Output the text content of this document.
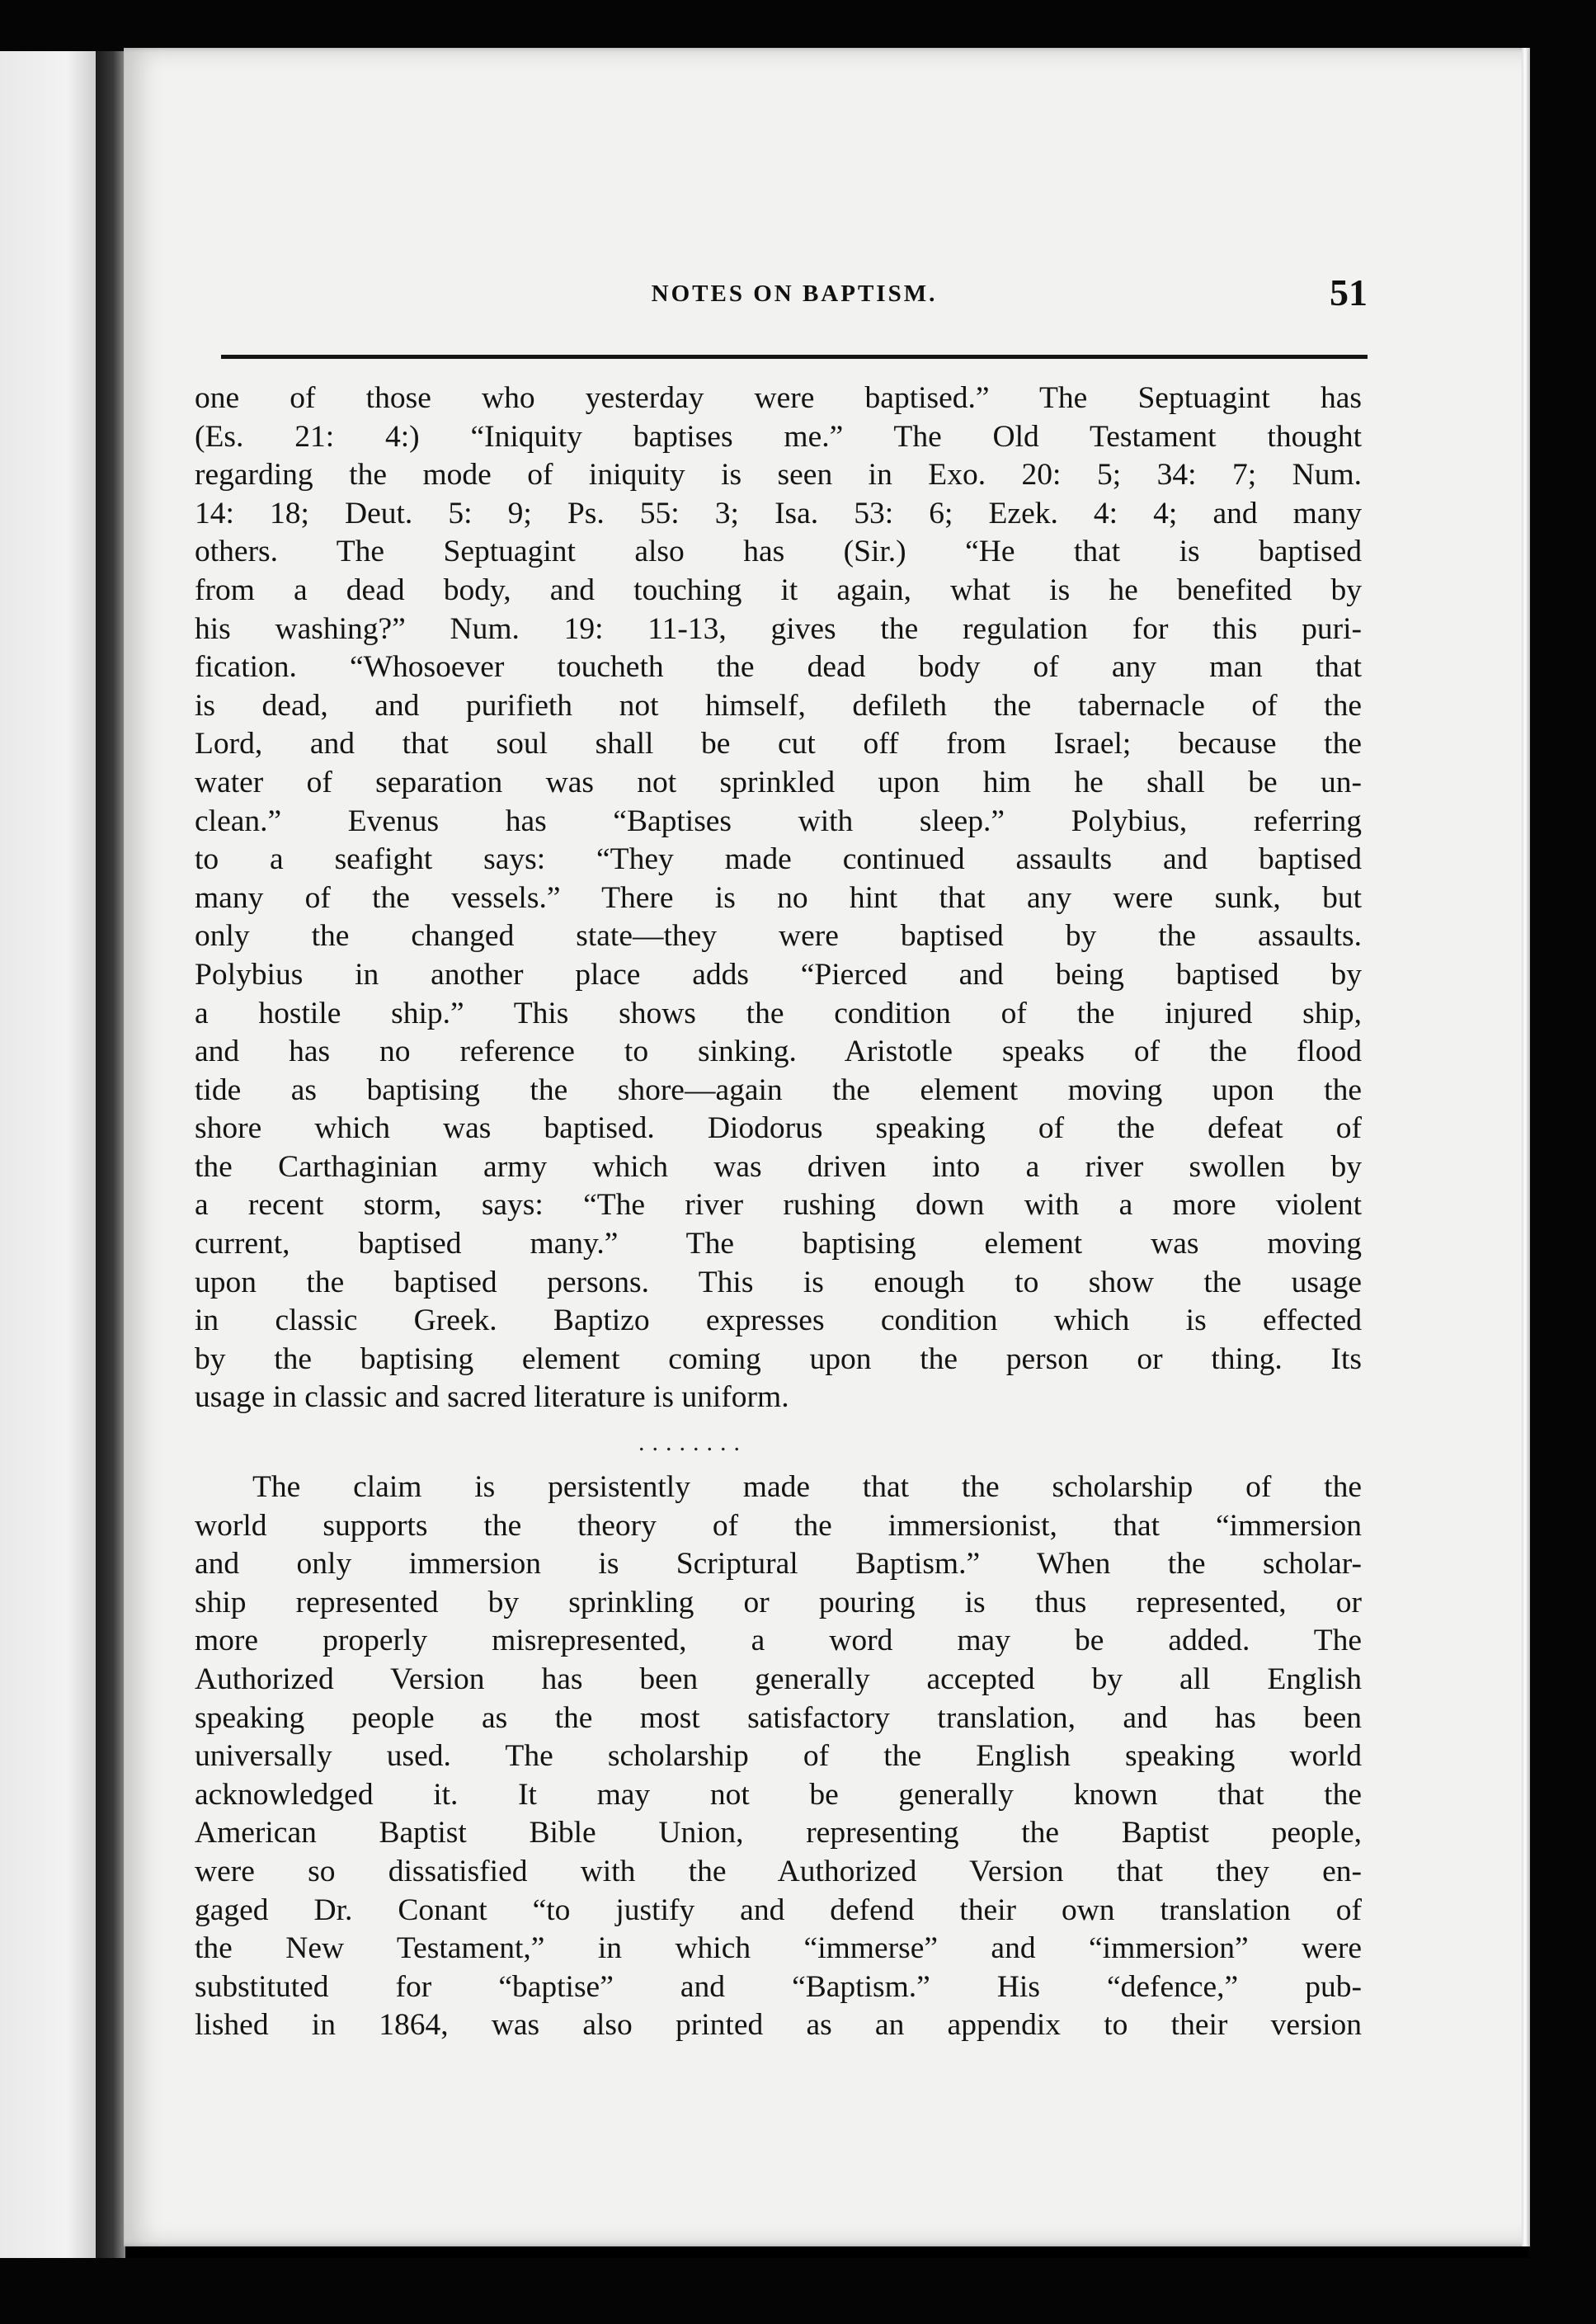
NOTES ON BAPTISM.	51
one of those who yesterday were baptised.” The Septuagint has
(Es. 21: 4:) “Iniquity baptises me.” The Old Testament thought
regarding the mode of iniquity is seen in Exo. 20: 5; 34: 7; Num.
14: 18; Deut. 5: 9; Ps. 55: 3; Isa. 53: 6; Ezek. 4: 4; and many
others. The Septuagint also has (Sir.) “He that is baptised
from a dead body, and touching it again, what is he benefited by
his washing?” Num. 19: 11-13, gives the regulation for this puri-
fication. “Whosoever toucheth the dead body of any man that
is dead, and purifieth not himself, defileth the tabernacle of the
Lord, and that soul shall be cut off from Israel; because the
water of separation was not sprinkled upon him he shall be un-
clean.” Evenus has “Baptises with sleep.” Polybius, referring
to a seafight says: “They made continued assaults and baptised
many of the vessels.” There is no hint that any were sunk, but
only the changed state—they were baptised by the assaults.
Polybius in another place adds “Pierced and being baptised by
a hostile ship.” This shows the condition of the injured ship,
and has no reference to sinking. Aristotle speaks of the flood
tide as baptising the shore—again the element moving upon the
shore which was baptised. Diodorus speaking of the defeat of
the Carthaginian army which was driven into a river swollen by
a recent storm, says: “The river rushing down with a more violent
current, baptised many.” The baptising element was moving
upon the baptised persons. This is enough to show the usage
in classic Greek. Baptizo expresses condition which is effected
by the baptising element coming upon the person or thing. Its
usage in classic and sacred literature is uniform.
........
The claim is persistently made that the scholarship of the
world supports the theory of the immersionist, that “immersion
and only immersion is Scriptural Baptism.” When the scholar-
ship represented by sprinkling or pouring is thus represented, or
more properly misrepresented, a word may be added. The
Authorized Version has been generally accepted by all English
speaking people as the most satisfactory translation, and has been
universally used. The scholarship of the English speaking world
acknowledged it. It may not be generally known that the
American Baptist Bible Union, representing the Baptist people,
were so dissatisfied with the Authorized Version that they en-
gaged Dr. Conant “to justify and defend their own translation of
the New Testament,” in which “immerse” and “immersion” were
substituted for “baptise” and “Baptism.” His “defence,” pub-
lished in 1864, was also printed as an appendix to their version
